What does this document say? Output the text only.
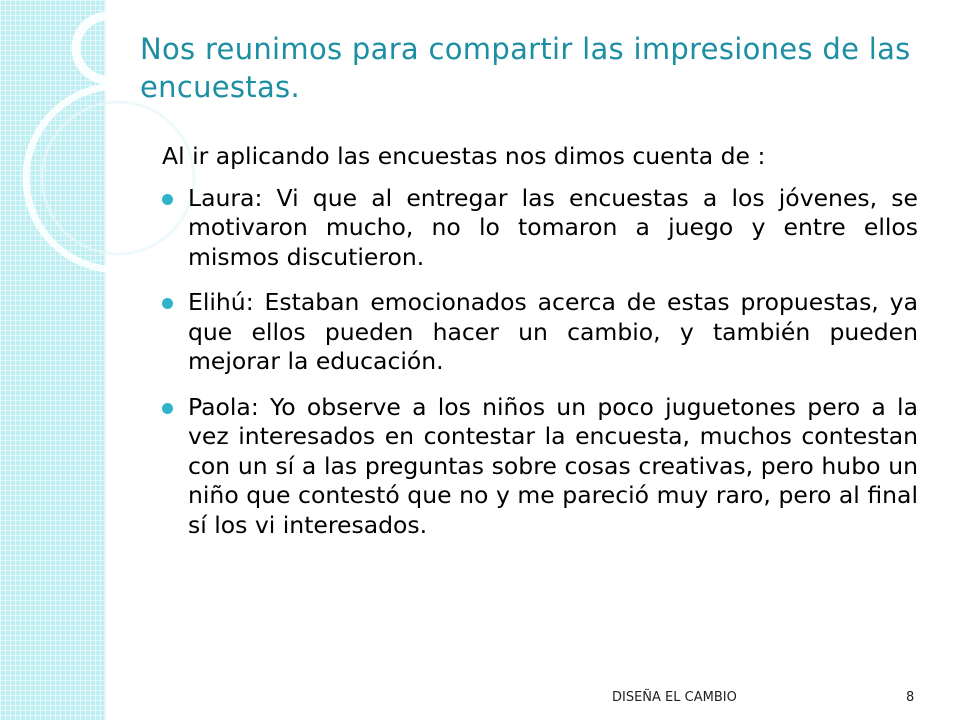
Nos reunimos para compartir las impresiones de las encuestas.

Al ir aplicando las encuestas nos dimos cuenta de :

Laura: Vi que al entregar las encuestas a los jóvenes, se motivaron mucho, no lo tomaron a juego y entre ellos mismos discutieron.
Elihú: Estaban emocionados acerca de estas propuestas, ya que ellos pueden hacer un cambio, y también pueden mejorar la educación.
Paola: Yo observe a los niños un poco juguetones pero a la vez interesados en contestar la encuesta, muchos contestan con un sí a las preguntas sobre cosas creativas, pero hubo un niño que contestó que no y me pareció muy raro, pero al final sí los vi interesados.
DISEÑA EL CAMBIO	8
